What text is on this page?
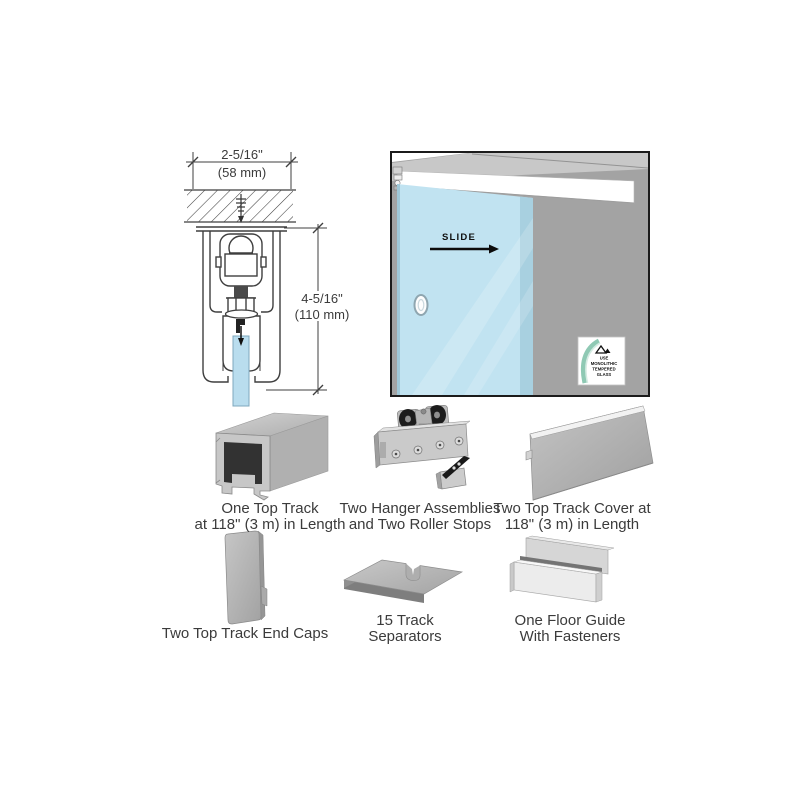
2-5/16"
(58 mm)
4-5/16"
(110 mm)
SLIDE
USE
MONOLITHIC
TEMPERED
GLASS
One Top Track
at 118" (3 m) in Length
Two Hanger Assemblies
and Two Roller Stops
Two Top Track Cover at
118" (3 m) in Length
Two Top Track End Caps
15 Track
Separators
One Floor Guide
With Fasteners
